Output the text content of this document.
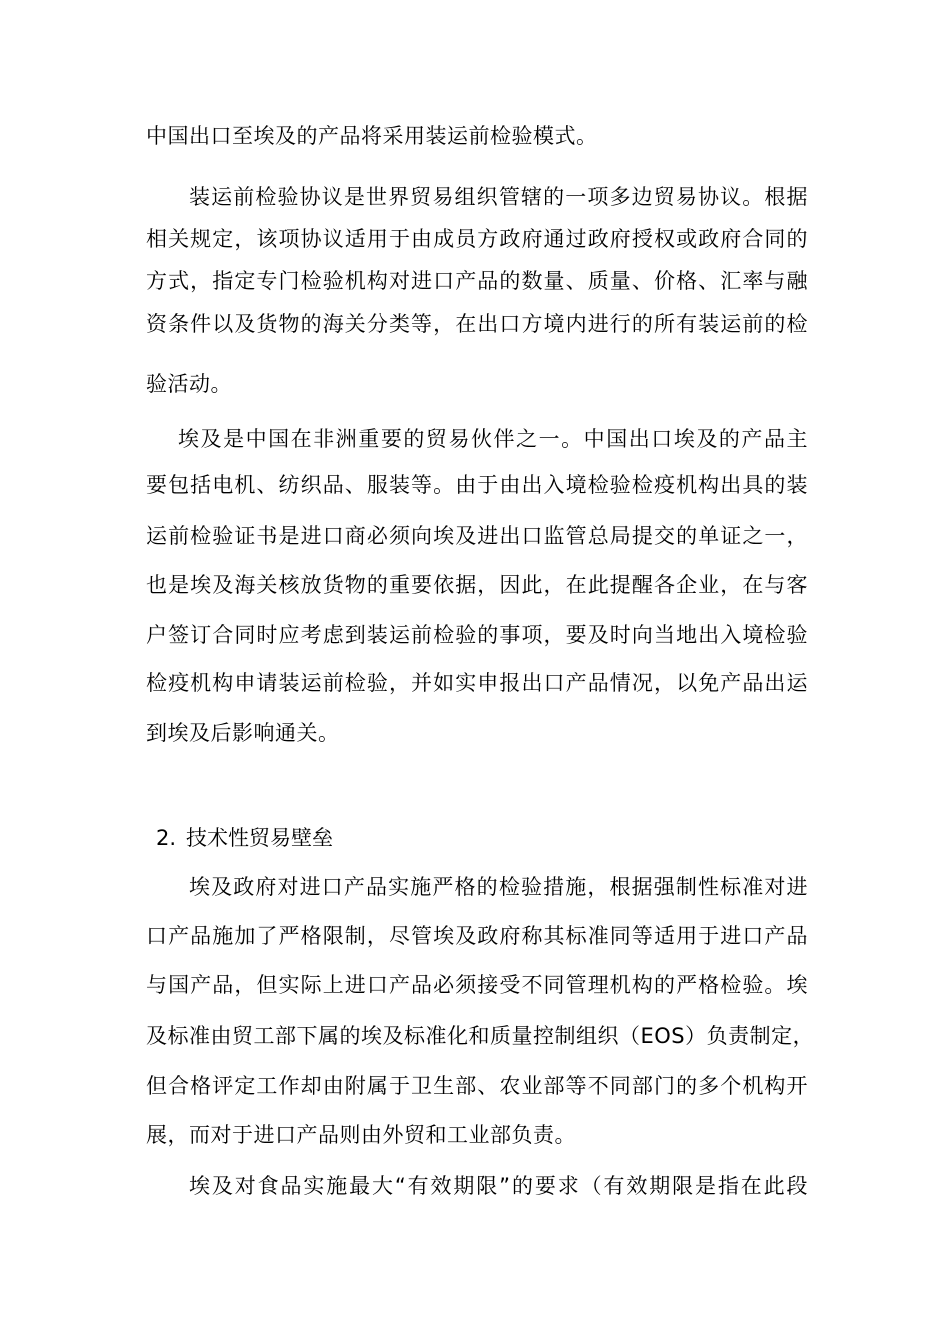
中国出口至埃及的产品将采用装运前检验模式。
装运前检验协议是世界贸易组织管辖的一项多边贸易协议。根据
相关规定，该项协议适用于由成员方政府通过政府授权或政府合同的
方式，指定专门检验机构对进口产品的数量、质量、价格、汇率与融
资条件以及货物的海关分类等，在出口方境内进行的所有装运前的检
验活动。
埃及是中国在非洲重要的贸易伙伴之一。中国出口埃及的产品主
要包括电机、纺织品、服装等。由于由出入境检验检疫机构出具的装
运前检验证书是进口商必须向埃及进出口监管总局提交的单证之一，
也是埃及海关核放货物的重要依据，因此，在此提醒各企业，在与客
户签订合同时应考虑到装运前检验的事项，要及时向当地出入境检验
检疫机构申请装运前检验，并如实申报出口产品情况，以免产品出运
到埃及后影响通关。
2. 技术性贸易壁垒
埃及政府对进口产品实施严格的检验措施，根据强制性标准对进
口产品施加了严格限制，尽管埃及政府称其标准同等适用于进口产品
与国产品，但实际上进口产品必须接受不同管理机构的严格检验。埃
及标准由贸工部下属的埃及标准化和质量控制组织（EOS）负责制定，
但合格评定工作却由附属于卫生部、农业部等不同部门的多个机构开
展，而对于进口产品则由外贸和工业部负责。
埃及对食品实施最大“有效期限”的要求（有效期限是指在此段
